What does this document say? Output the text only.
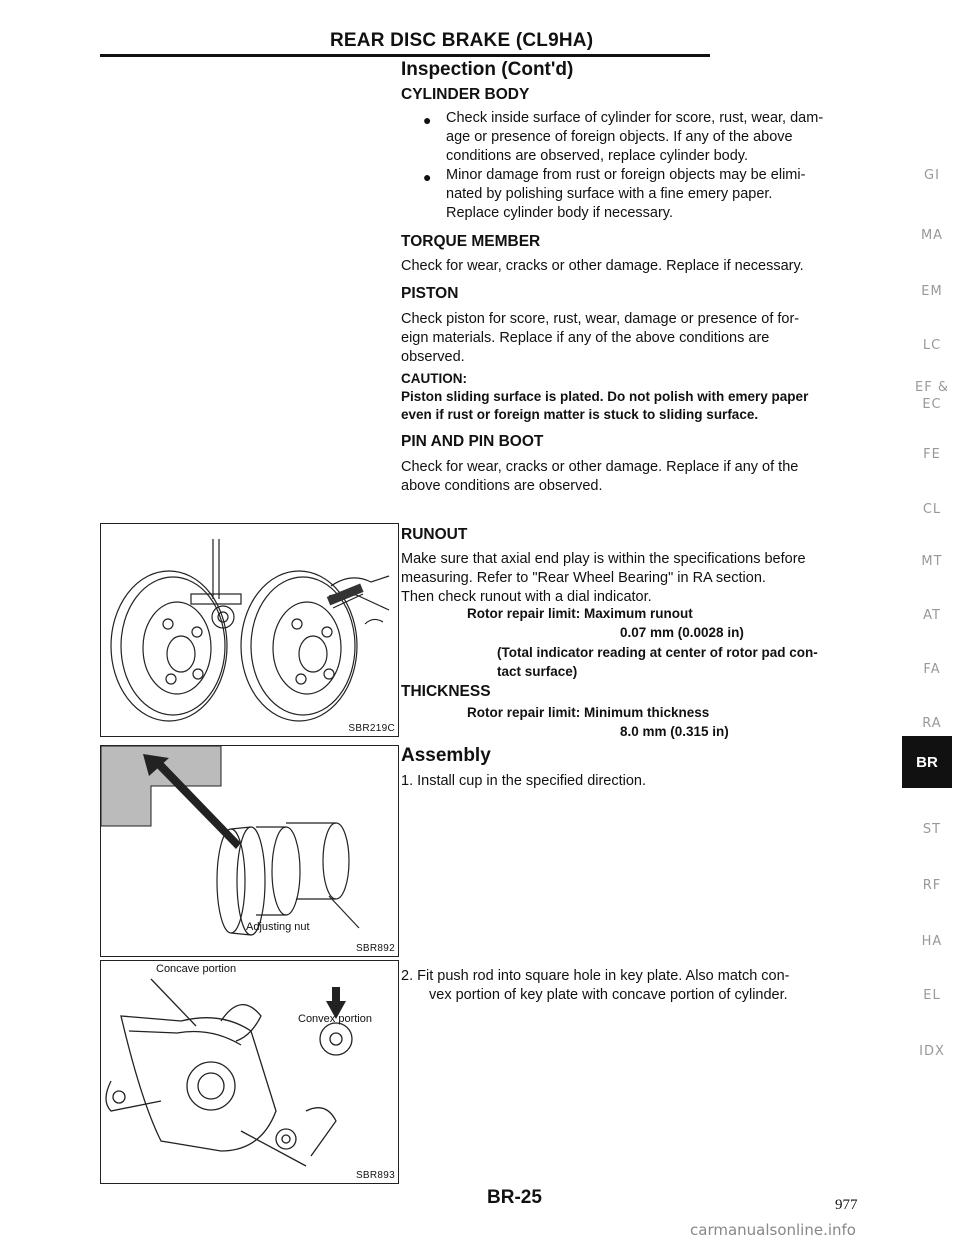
REAR DISC BRAKE (CL9HA)
Inspection (Cont'd)
CYLINDER BODY
● Check inside surface of cylinder for score, rust, wear, dam-
age or presence of foreign objects. If any of the above
conditions are observed, replace cylinder body.
● Minor damage from rust or foreign objects may be elimi-
nated by polishing surface with a fine emery paper.
Replace cylinder body if necessary.
TORQUE MEMBER
Check for wear, cracks or other damage. Replace if necessary.
PISTON
Check piston for score, rust, wear, damage or presence of for-
eign materials. Replace if any of the above conditions are
observed.
CAUTION:
Piston sliding surface is plated. Do not polish with emery paper
even if rust or foreign matter is stuck to sliding surface.
PIN AND PIN BOOT
Check for wear, cracks or other damage. Replace if any of the
above conditions are observed.
RUNOUT
Make sure that axial end play is within the specifications before
measuring. Refer to "Rear Wheel Bearing" in RA section.
Then check runout with a dial indicator.
Rotor repair limit: Maximum runout
0.07 mm (0.0028 in)
(Total indicator reading at center of rotor pad con-
tact surface)
THICKNESS
Rotor repair limit: Minimum thickness
8.0 mm (0.315 in)
Assembly
1. Install cup in the specified direction.
2. Fit push rod into square hole in key plate. Also match con-
vex portion of key plate with concave portion of cylinder.
SBR219C
Adjusting nut
SBR892
Concave portion
Convex portion
SBR893
GI
MA
EM
LC
EF &
EC
FE
CL
MT
AT
FA
RA
BR
ST
RF
HA
EL
IDX
BR-25	977
carmanualsonline.info
